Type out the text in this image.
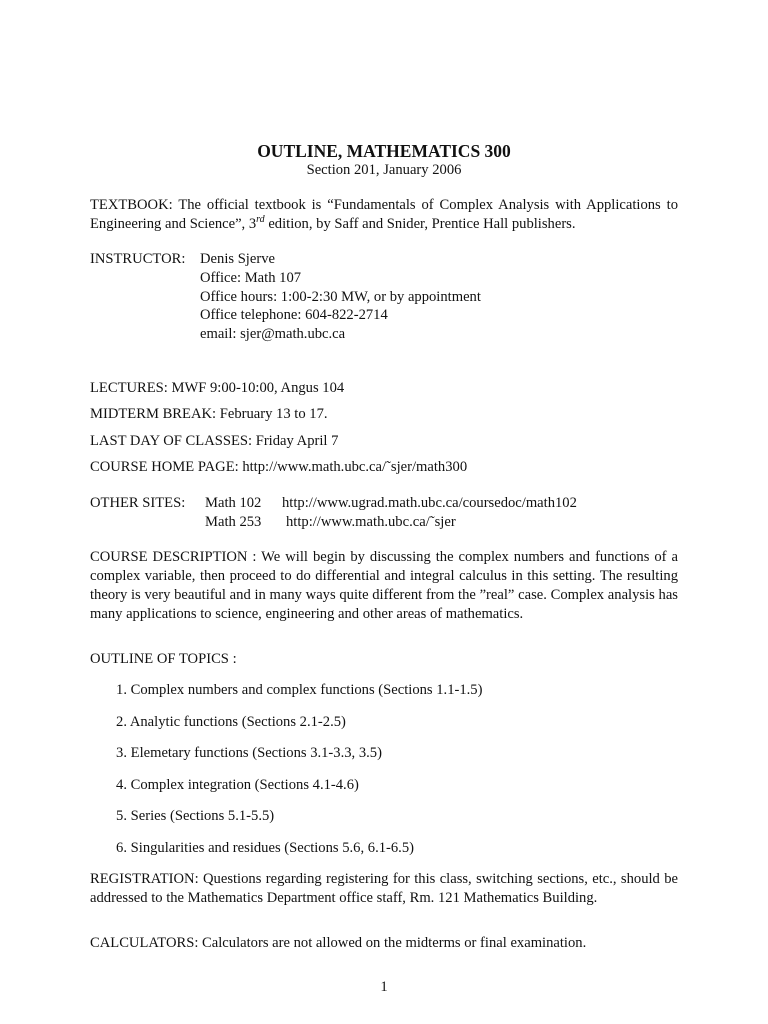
OUTLINE, MATHEMATICS 300
Section 201, January 2006
TEXTBOOK: The official textbook is “Fundamentals of Complex Analysis with Applications to Engineering and Science”, 3rd edition, by Saff and Snider, Prentice Hall publishers.
INSTRUCTOR: Denis Sjerve
Office: Math 107
Office hours: 1:00-2:30 MW, or by appointment
Office telephone: 604-822-2714
email: sjer@math.ubc.ca
LECTURES: MWF 9:00-10:00, Angus 104
MIDTERM BREAK: February 13 to 17.
LAST DAY OF CLASSES: Friday April 7
COURSE HOME PAGE: http://www.math.ubc.ca/˜sjer/math300
OTHER SITES: Math 102 http://www.ugrad.math.ubc.ca/coursedoc/math102
Math 253 http://www.math.ubc.ca/˜sjer
COURSE DESCRIPTION : We will begin by discussing the complex numbers and functions of a complex variable, then proceed to do differential and integral calculus in this setting. The resulting theory is very beautiful and in many ways quite different from the ”real” case. Complex analysis has many applications to science, engineering and other areas of mathematics.
OUTLINE OF TOPICS :
1. Complex numbers and complex functions (Sections 1.1-1.5)
2. Analytic functions (Sections 2.1-2.5)
3. Elemetary functions (Sections 3.1-3.3, 3.5)
4. Complex integration (Sections 4.1-4.6)
5. Series (Sections 5.1-5.5)
6. Singularities and residues (Sections 5.6, 6.1-6.5)
REGISTRATION: Questions regarding registering for this class, switching sections, etc., should be addressed to the Mathematics Department office staff, Rm. 121 Mathematics Building.
CALCULATORS: Calculators are not allowed on the midterms or final examination.
1
